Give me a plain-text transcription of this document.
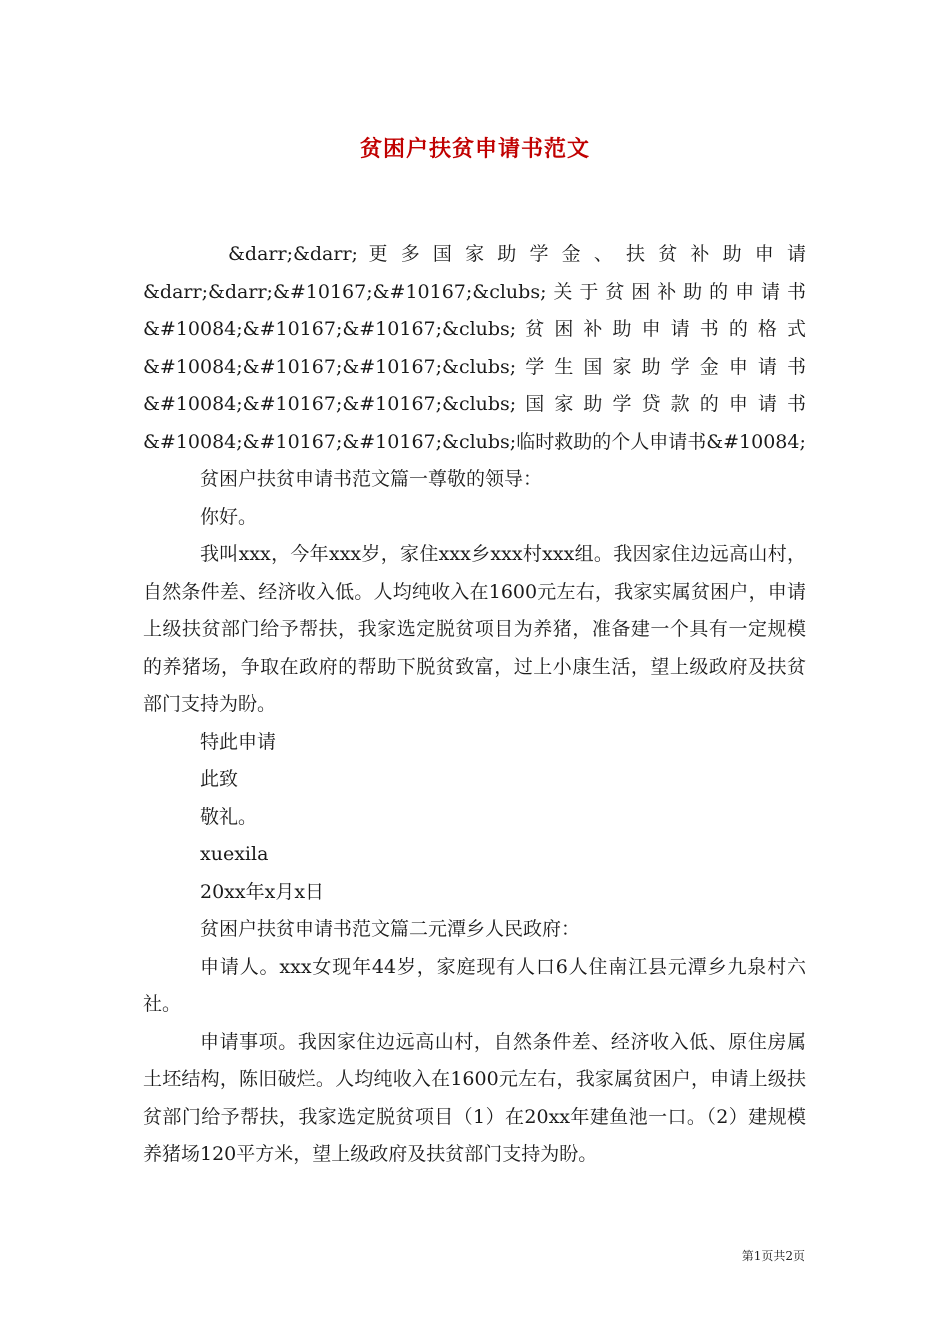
贫困户扶贫申请书范文
&darr;&darr; 更 多 国 家 助 学 金 、 扶 贫 补 助 申 请
&darr;&darr;&#10167;&#10167;&clubs;关于贫困补助的申请书
&#10084;&#10167;&#10167;&clubs; 贫 困 补 助 申 请 书 的 格 式
&#10084;&#10167;&#10167;&clubs; 学 生 国 家 助 学 金 申 请 书
&#10084;&#10167;&#10167;&clubs; 国 家 助 学 贷 款 的 申 请 书
&#10084;&#10167;&#10167;&clubs;临时救助的个人申请书&#10084;

贫困户扶贫申请书范文篇一尊敬的领导：

你好。

我叫xxx，今年xxx岁，家住xxx乡xxx村xxx组。我因家住边远高山村，自然条件差、经济收入低。人均纯收入在1600元左右，我家实属贫困户，申请上级扶贫部门给予帮扶，我家选定脱贫项目为养猪，准备建一个具有一定规模的养猪场，争取在政府的帮助下脱贫致富，过上小康生活，望上级政府及扶贫部门支持为盼。

特此申请

此致

敬礼。

xuexila

20xx年x月x日

贫困户扶贫申请书范文篇二元潭乡人民政府：

申请人。xxx女现年44岁，家庭现有人口6人住南江县元潭乡九泉村六社。

申请事项。我因家住边远高山村，自然条件差、经济收入低、原住房属土坯结构，陈旧破烂。人均纯收入在1600元左右，我家属贫困户，申请上级扶贫部门给予帮扶，我家选定脱贫项目（1）在20xx年建鱼池一口。（2）建规模养猪场120平方米，望上级政府及扶贫部门支持为盼。

第1页共2页
